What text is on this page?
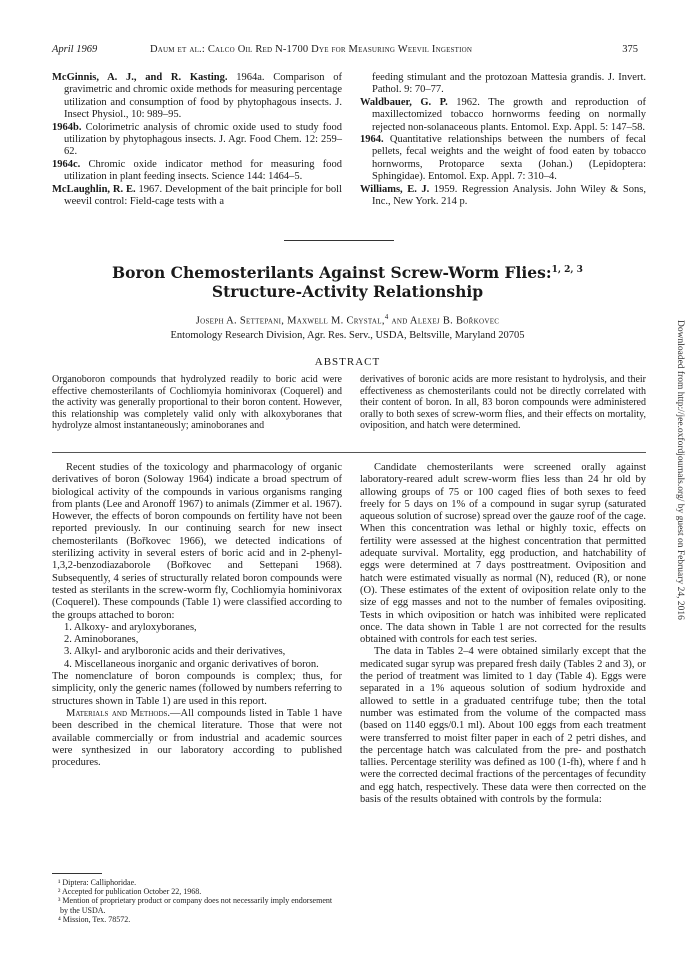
April 1969	Daum et al.: Calco Oil Red N-1700 Dye for Measuring Weevil Ingestion	375

McGinnis, A. J., and R. Kasting. 1964a. Comparison of gravimetric and chromic oxide methods for measuring percentage utilization and consumption of food by phytophagous insects. J. Insect Physiol., 10: 989–95.

1964b. Colorimetric analysis of chromic oxide used to study food utilization by phytophagous insects. J. Agr. Food Chem. 12: 259–62.

1964c. Chromic oxide indicator method for measuring food utilization in plant feeding insects. Science 144: 1464–5.

McLaughlin, R. E. 1967. Development of the bait principle for boll weevil control: Field-cage tests with a

feeding stimulant and the protozoan Mattesia grandis. J. Invert. Pathol. 9: 70–77.

Waldbauer, G. P. 1962. The growth and reproduction of maxillectomized tobacco hornworms feeding on normally rejected non-solanaceous plants. Entomol. Exp. Appl. 5: 147–58.

1964. Quantitative relationships between the numbers of fecal pellets, fecal weights and the weight of food eaten by tobacco hornworms, Protoparce sexta (Johan.) (Lepidoptera: Sphingidae). Entomol. Exp. Appl. 7: 310–4.

Williams, E. J. 1959. Regression Analysis. John Wiley & Sons, Inc., New York. 214 p.

Boron Chemosterilants Against Screw-Worm Flies:$^{1, 2, 3}$
Structure-Activity Relationship
Joseph A. Settepani, Maxwell M. Crystal,$^4$ and Alexej B. Bořkovec
Entomology Research Division, Agr. Res. Serv., USDA, Beltsville, Maryland 20705
ABSTRACT
Organoboron compounds that hydrolyzed readily to boric acid were effective chemosterilants of Cochliomyia hominivorax (Coquerel) and the activity was generally proportional to their boron content. However, this relationship was completely valid only with alkoxyboranes that hydrolyze almost instantaneously; aminoboranes and
derivatives of boronic acids are more resistant to hydrolysis, and their effectiveness as chemosterilants could not be directly correlated with their content of boron. In all, 83 boron compounds were administered orally to both sexes of screw-worm flies, and their effects on mortality, oviposition, and hatch were determined.

Recent studies of the toxicology and pharmacology of organic derivatives of boron (Soloway 1964) indicate a broad spectrum of biological activity of the compounds in various organisms ranging from plants (Lee and Aronoff 1967) to animals (Zimmer et al. 1967). However, the effects of boron compounds on fertility have not been reported previously. In our continuing search for new insect chemosterilants (Bořkovec 1966), we detected indications of sterilizing activity in several esters of boric acid and in 2-phenyl-1,3,2-benzodiazaborole (Bořkovec and Settepani 1968). Subsequently, 4 series of structurally related boron compounds were tested as sterilants in the screw-worm fly, Cochliomyia hominivorax (Coquerel). These compounds (Table 1) were classified according to the groups attached to boron:

1. Alkoxy- and aryloxyboranes,
2. Aminoboranes,
3. Alkyl- and arylboronic acids and their derivatives,
4. Miscellaneous inorganic and organic derivatives of boron.

The nomenclature of boron compounds is complex; thus, for simplicity, only the generic names (followed by numbers referring to structures shown in Table 1) are used in this report.

Materials and Methods.—All compounds listed in Table 1 have been described in the chemical literature. Those that were not available commercially or from industrial and academic sources were synthesized in our laboratory according to published procedures.

Candidate chemosterilants were screened orally against laboratory-reared adult screw-worm flies less than 24 hr old by allowing groups of 75 or 100 caged flies of both sexes to feed freely for 5 days on 1% of a compound in sugar syrup (saturated aqueous solution of sucrose) spread over the gauze roof of the cage. When this concentration was lethal or highly toxic, effects on fertility were assessed at the highest concentration that permitted adequate survival. Mortality, egg production, and hatchability of eggs were determined at 7 days posttreatment. Oviposition and hatch were estimated visually as normal (N), reduced (R), or none (O). These estimates of the extent of oviposition relate only to the size of egg masses and not to the number of females ovipositing. Tests in which oviposition or hatch was inhibited were replicated once. The data shown in Table 1 are not corrected for the results obtained with controls for each test series.

The data in Tables 2–4 were obtained similarly except that the medicated sugar syrup was prepared fresh daily (Tables 2 and 3), or the period of treatment was limited to 1 day (Table 4). Eggs were separated in a 1% aqueous solution of sodium hydroxide and allowed to settle in a graduated centrifuge tube; then the total number was estimated from the volume of the compacted mass (based on 1140 eggs/0.1 ml). About 100 eggs from each treatment were transferred to moist filter paper in each of 2 petri dishes, and the percentage hatch was calculated from the pre- and posthatch tallies. Percentage sterility was defined as 100 (1-fh), where f and h were the corrected decimal fractions of the percentages of fecundity and egg hatch, respectively. These data were then corrected on the basis of the results obtained with controls by the formula:

¹ Diptera: Calliphoridae.
² Accepted for publication October 22, 1968.
³ Mention of proprietary product or company does not necessarily imply endorsement by the USDA.
⁴ Mission, Tex. 78572.
Downloaded from http://jee.oxfordjournals.org/ by guest on February 24, 2016
